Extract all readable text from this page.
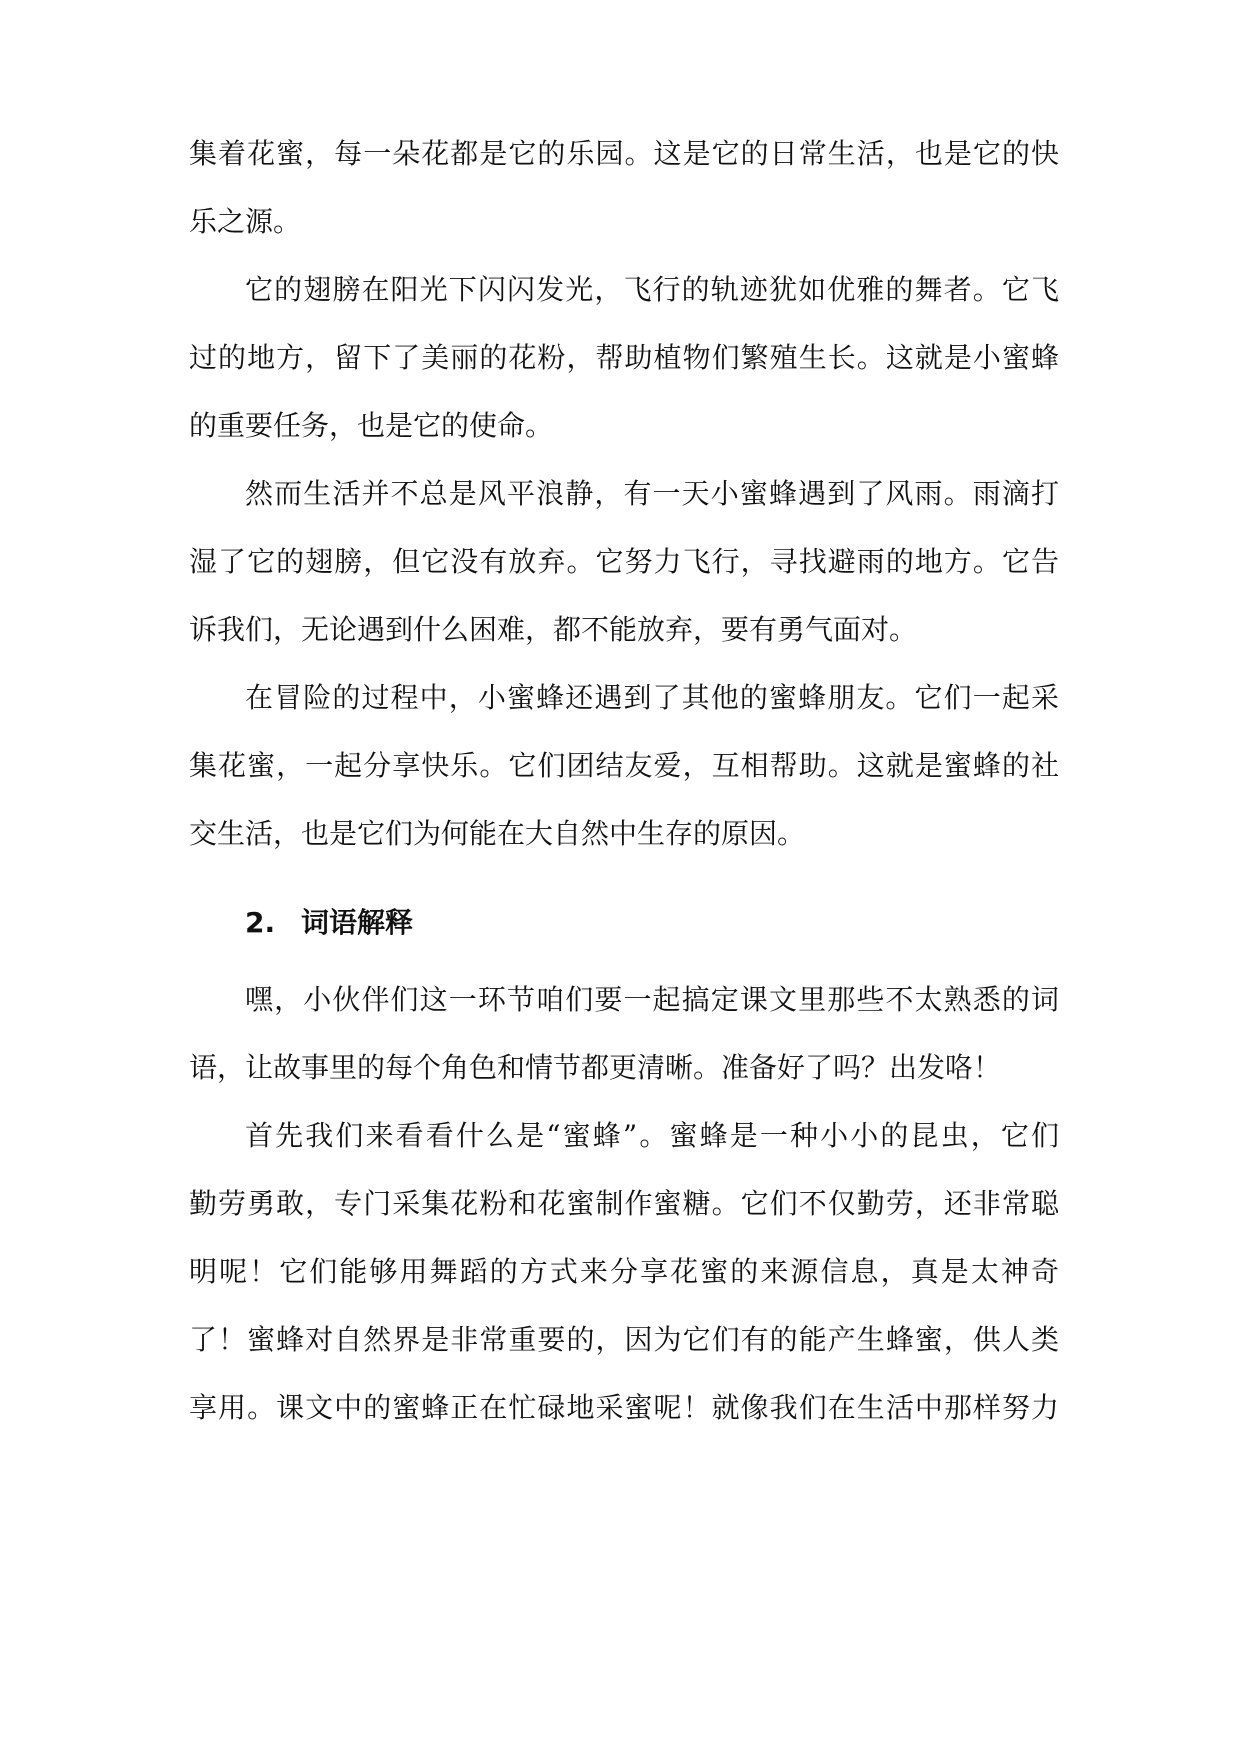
集着花蜜，每一朵花都是它的乐园。这是它的日常生活，也是它的快
乐之源。
它的翅膀在阳光下闪闪发光，飞行的轨迹犹如优雅的舞者。它飞
过的地方，留下了美丽的花粉，帮助植物们繁殖生长。这就是小蜜蜂
的重要任务，也是它的使命。
然而生活并不总是风平浪静，有一天小蜜蜂遇到了风雨。雨滴打
湿了它的翅膀，但它没有放弃。它努力飞行，寻找避雨的地方。它告
诉我们，无论遇到什么困难，都不能放弃，要有勇气面对。
在冒险的过程中，小蜜蜂还遇到了其他的蜜蜂朋友。它们一起采
集花蜜，一起分享快乐。它们团结友爱，互相帮助。这就是蜜蜂的社
交生活，也是它们为何能在大自然中生存的原因。
2. 词语解释
嘿，小伙伴们这一环节咱们要一起搞定课文里那些不太熟悉的词
语，让故事里的每个角色和情节都更清晰。准备好了吗？出发咯！
首先我们来看看什么是“蜜蜂”。蜜蜂是一种小小的昆虫，它们
勤劳勇敢，专门采集花粉和花蜜制作蜜糖。它们不仅勤劳，还非常聪
明呢！它们能够用舞蹈的方式来分享花蜜的来源信息，真是太神奇
了！蜜蜂对自然界是非常重要的，因为它们有的能产生蜂蜜，供人类
享用。课文中的蜜蜂正在忙碌地采蜜呢！就像我们在生活中那样努力
